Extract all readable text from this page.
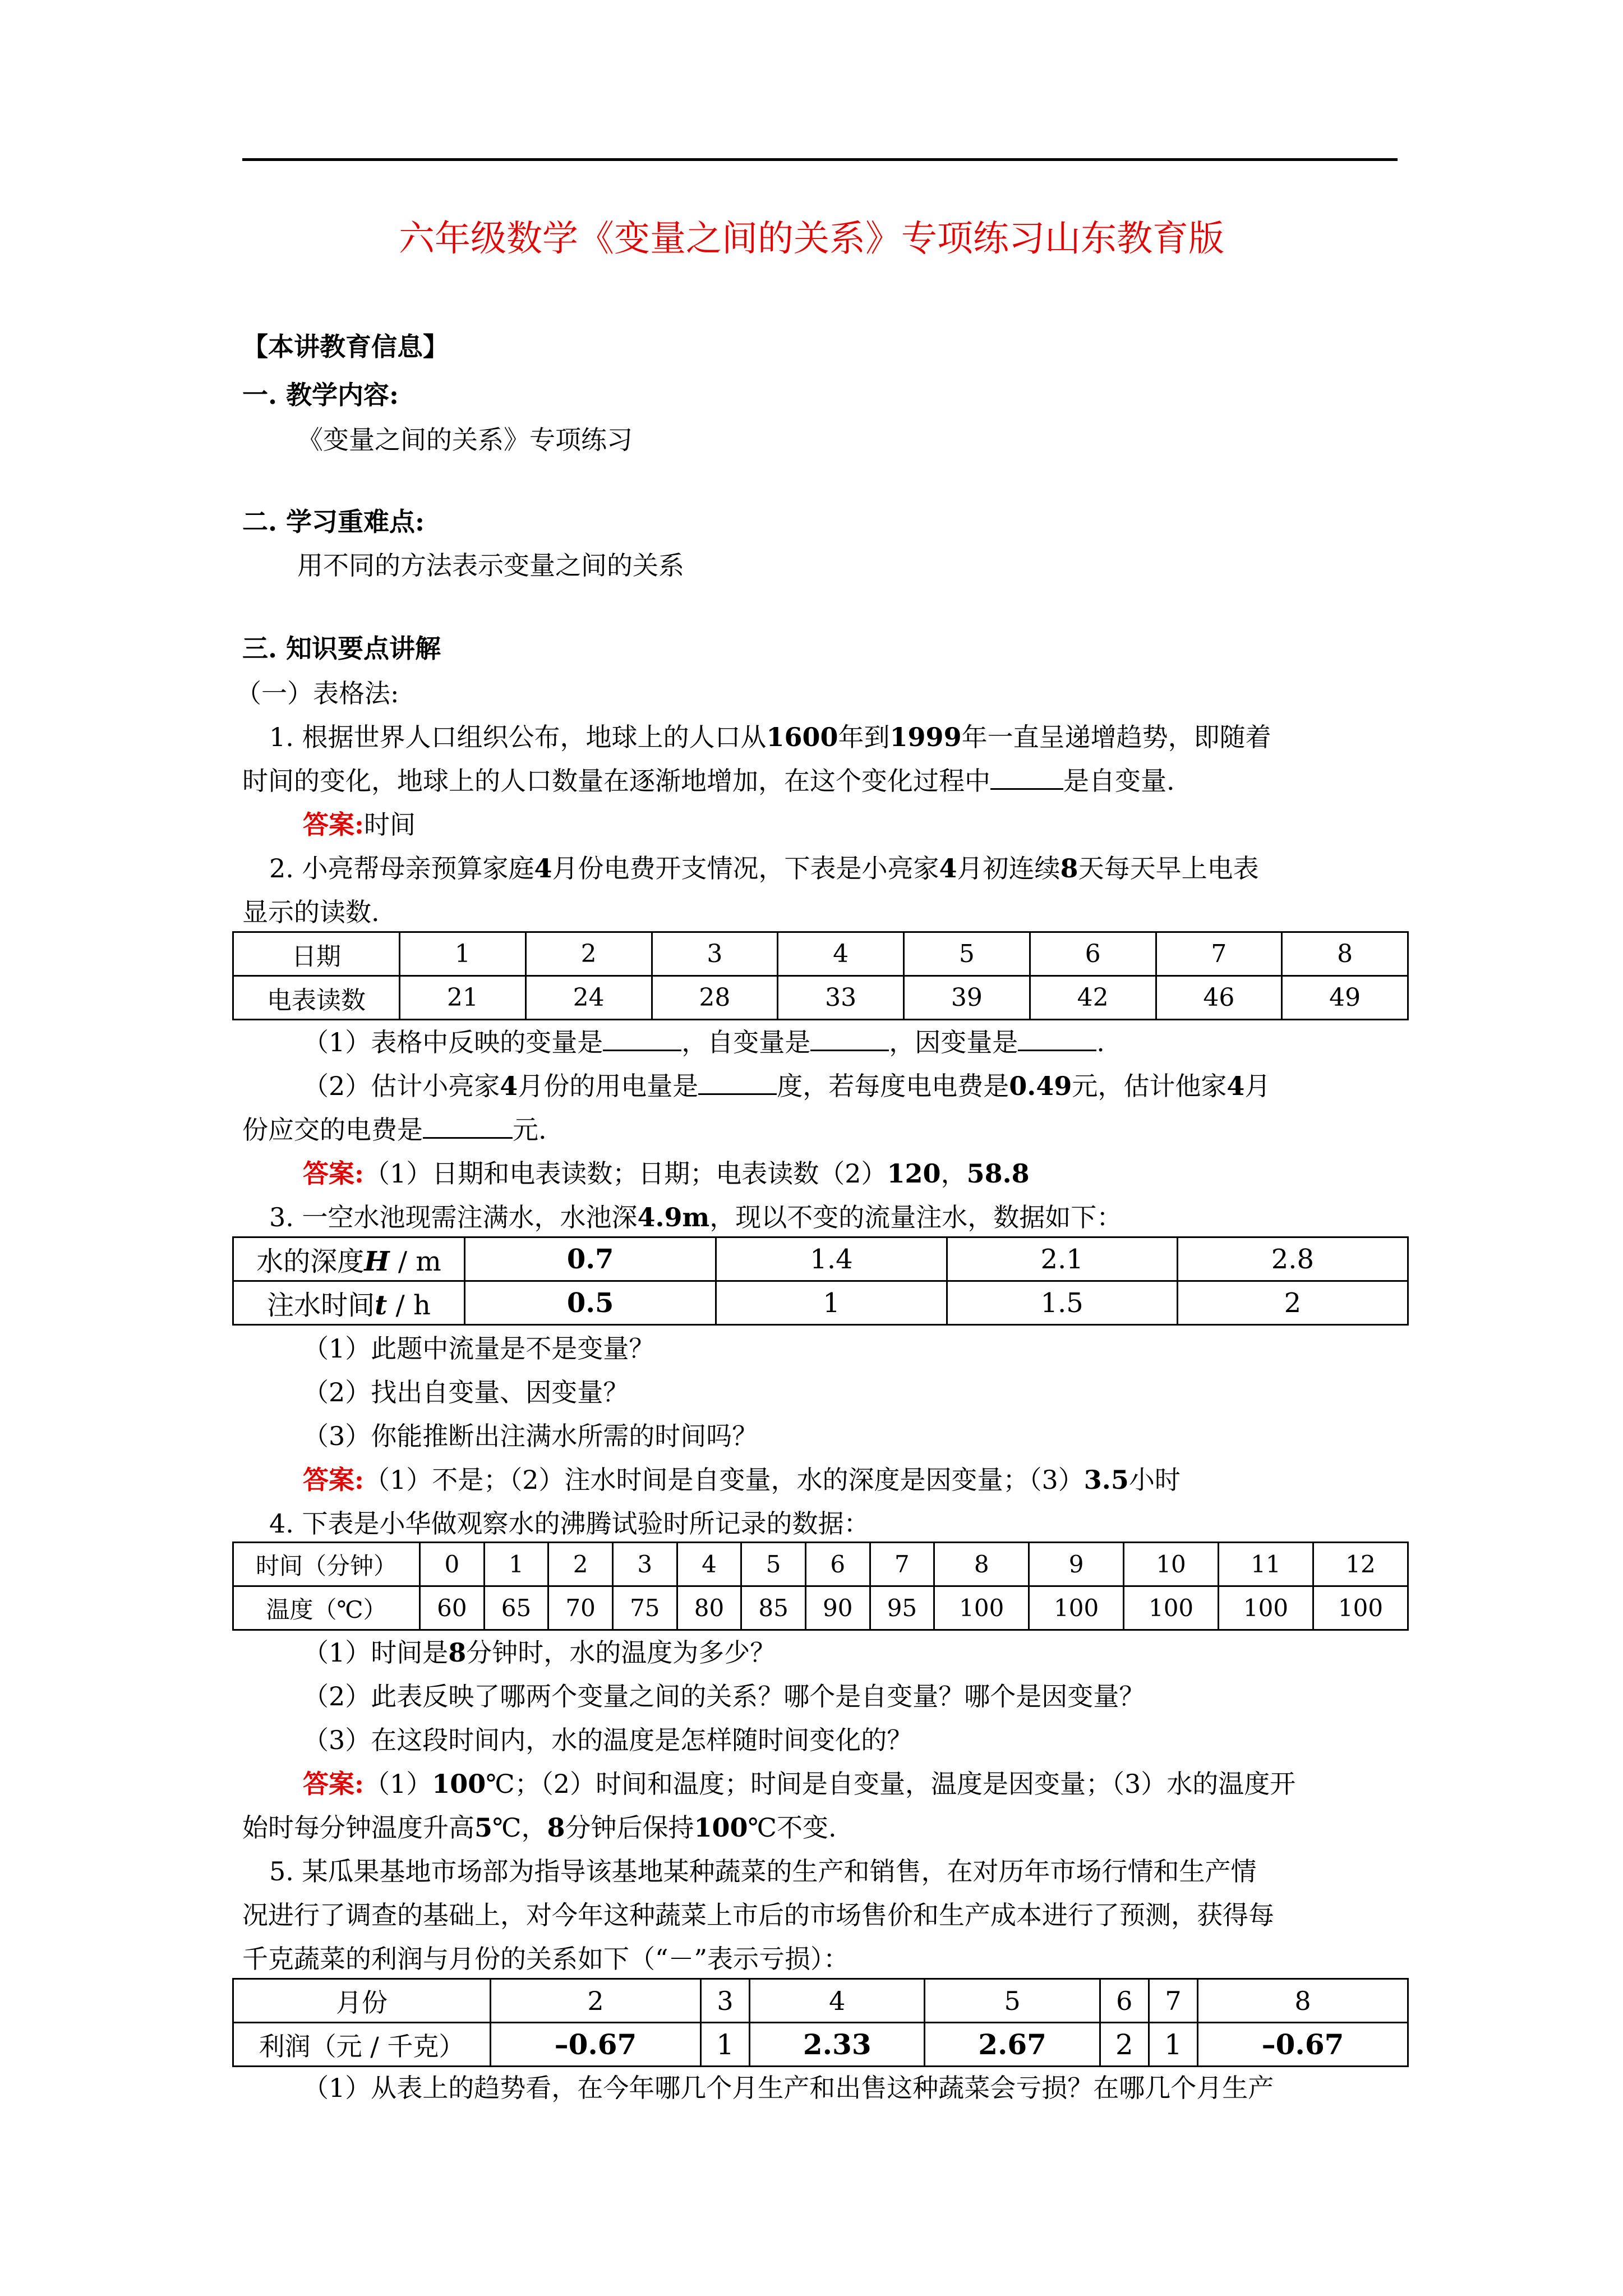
六年级数学《变量之间的关系》专项练习山东教育版
【本讲教育信息】
一. 教学内容:
《变量之间的关系》专项练习
二. 学习重难点:
用不同的方法表示变量之间的关系
三. 知识要点讲解
（一）表格法:
1. 根据世界人口组织公布，地球上的人口从1600年到1999年一直呈递增趋势，即随着
时间的变化，地球上的人口数量在逐渐地增加，在这个变化过程中	是自变量.
答案:时间
2. 小亮帮母亲预算家庭4月份电费开支情况，下表是小亮家4月初连续8天每天早上电表
显示的读数.
日期	1	2	3	4	5	6	7	8
电表读数	21	24	28	33	39	42	46	49
（1）表格中反映的变量是	，自变量是	，因变量是	.
（2）估计小亮家4月份的用电量是	度，若每度电电费是0.49元，估计他家4月
份应交的电费是	元.
答案:（1）日期和电表读数；日期；电表读数（2）120，58.8
3. 一空水池现需注满水，水池深4.9m，现以不变的流量注水，数据如下：
水的深度H / m	0.7	1.4	2.1	2.8
注水时间t / h	0.5	1	1.5	2
（1）此题中流量是不是变量？
（2）找出自变量、因变量？
（3）你能推断出注满水所需的时间吗？
答案:（1）不是；（2）注水时间是自变量，水的深度是因变量；（3）3.5小时
4. 下表是小华做观察水的沸腾试验时所记录的数据：
时间（分钟）	0	1	2	3	4	5	6	7	8	9	10	11	12
温度（℃）	60	65	70	75	80	85	90	95	100	100	100	100	100
（1）时间是8分钟时，水的温度为多少？
（2）此表反映了哪两个变量之间的关系？哪个是自变量？哪个是因变量？
（3）在这段时间内，水的温度是怎样随时间变化的？
答案:（1）100℃；（2）时间和温度；时间是自变量，温度是因变量；（3）水的温度开
始时每分钟温度升高5℃，8分钟后保持100℃不变.
5. 某瓜果基地市场部为指导该基地某种蔬菜的生产和销售，在对历年市场行情和生产情
况进行了调查的基础上，对今年这种蔬菜上市后的市场售价和生产成本进行了预测，获得每
千克蔬菜的利润与月份的关系如下（“－”表示亏损）：
月份	2	3	4	5	6	7	8
利润（元 / 千克）	–0.67	1	2.33	2.67	2	1	–0.67
（1）从表上的趋势看，在今年哪几个月生产和出售这种蔬菜会亏损？在哪几个月生产
